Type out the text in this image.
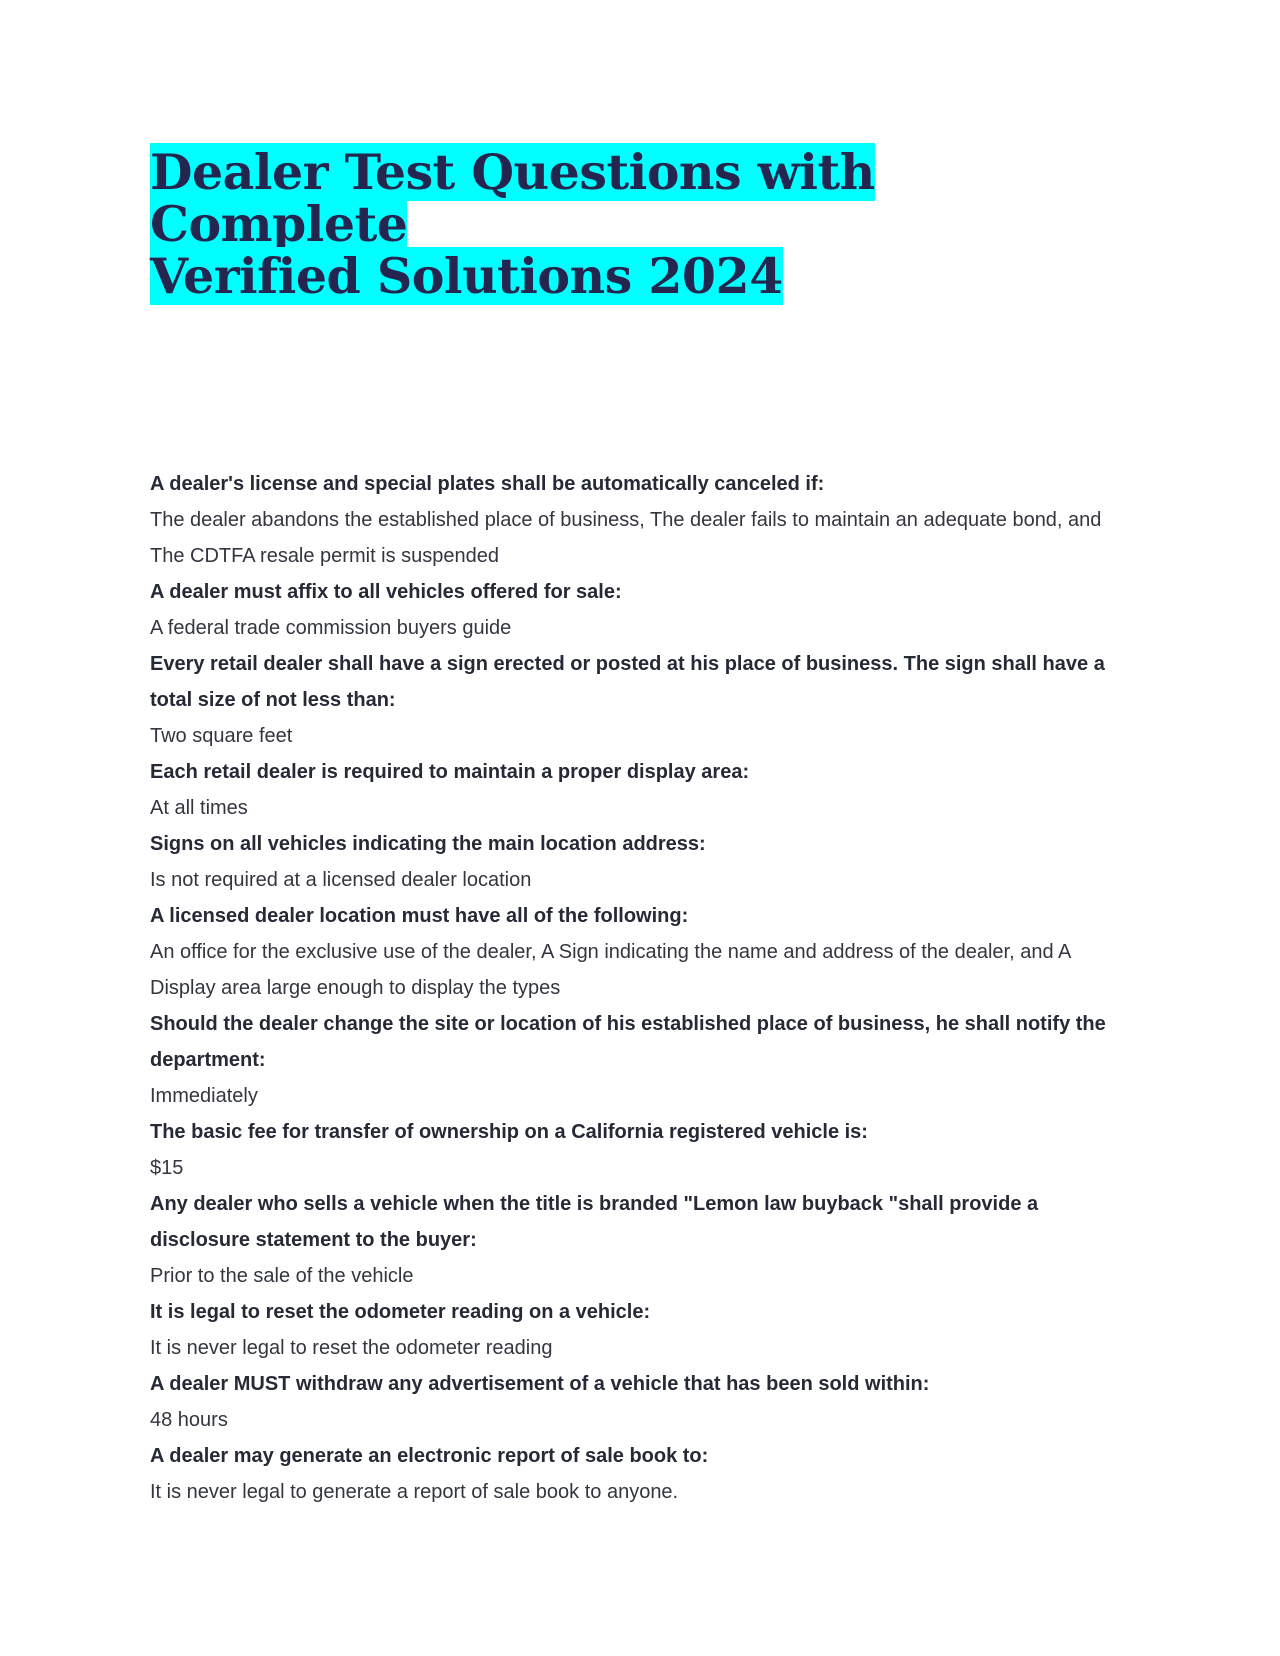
Dealer Test Questions with Complete
Verified Solutions 2024

A dealer's license and special plates shall be automatically canceled if:

The dealer abandons the established place of business, The dealer fails to maintain an adequate bond, and The CDTFA resale permit is suspended

A dealer must affix to all vehicles offered for sale:

A federal trade commission buyers guide

Every retail dealer shall have a sign erected or posted at his place of business. The sign shall have a total size of not less than:

Two square feet

Each retail dealer is required to maintain a proper display area:

At all times

Signs on all vehicles indicating the main location address:

Is not required at a licensed dealer location

A licensed dealer location must have all of the following:

An office for the exclusive use of the dealer, A Sign indicating the name and address of the dealer, and A Display area large enough to display the types

Should the dealer change the site or location of his established place of business, he shall notify the department:

Immediately

The basic fee for transfer of ownership on a California registered vehicle is:

$15

Any dealer who sells a vehicle when the title is branded "Lemon law buyback "shall provide a disclosure statement to the buyer:

Prior to the sale of the vehicle

It is legal to reset the odometer reading on a vehicle:

It is never legal to reset the odometer reading

A dealer MUST withdraw any advertisement of a vehicle that has been sold within:

48 hours

A dealer may generate an electronic report of sale book to:

It is never legal to generate a report of sale book to anyone.
